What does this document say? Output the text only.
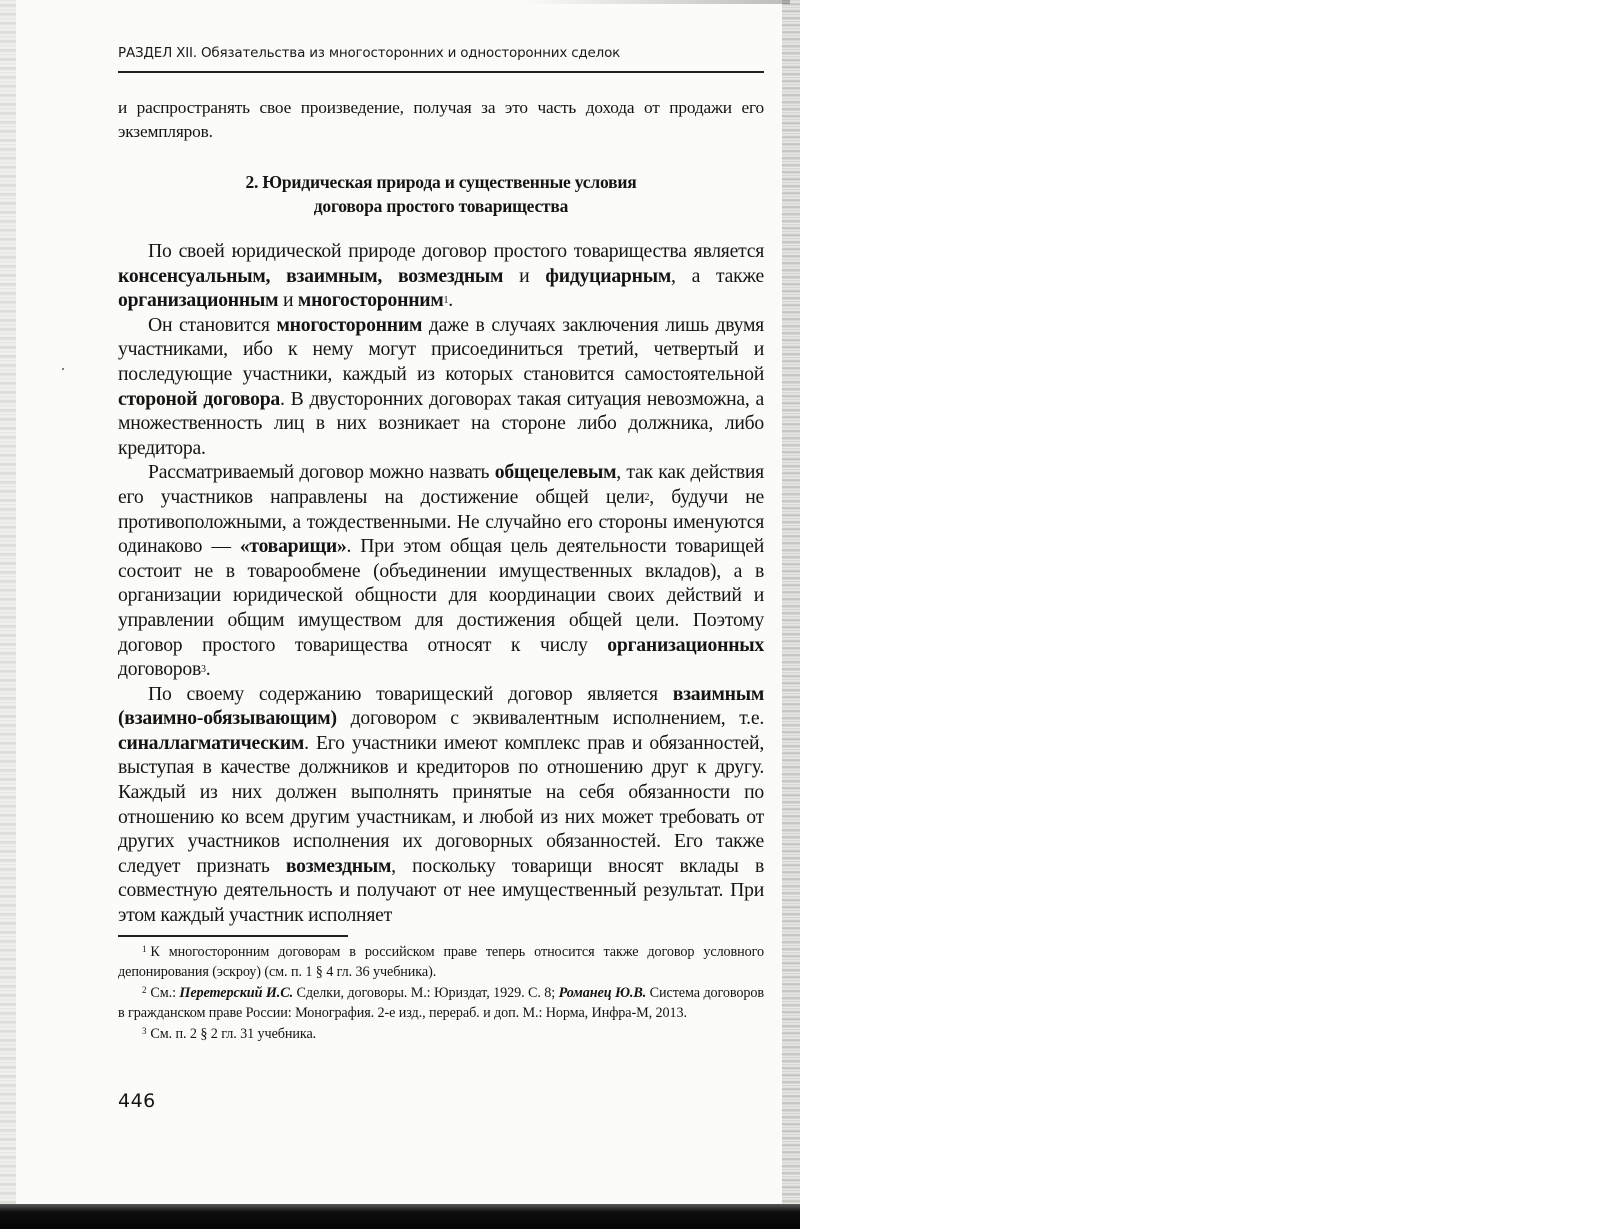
РАЗДЕЛ XII. Обязательства из многосторонних и односторонних сделок

и распространять свое произведение, получая за это часть дохода от продажи его экземпляров.

2. Юридическая природа и существенные условия
договора простого товарищества

По своей юридической природе договор простого товарищества является консенсуальным, взаимным, возмездным и фидуциарным, а также организационным и многосторонним$^1$.

Он становится многосторонним даже в случаях заключения лишь двумя участниками, ибо к нему могут присоединиться третий, четвертый и последующие участники, каждый из которых становится самостоятельной стороной договора. В двусторонних договорах такая ситуация невозможна, а множественность лиц в них возникает на стороне либо должника, либо кредитора.

Рассматриваемый договор можно назвать общецелевым, так как действия его участников направлены на достижение общей цели$^2$, будучи не противоположными, а тождественными. Не случайно его стороны именуются одинаково — «товарищи». При этом общая цель деятельности товарищей состоит не в товарообмене (объединении имущественных вкладов), а в организации юридической общности для координации своих действий и управлении общим имуществом для достижения общей цели. Поэтому договор простого товарищества относят к числу организационных договоров$^3$.

По своему содержанию товарищеский договор является взаимным (взаимно-обязывающим) договором с эквивалентным исполнением, т.е. синаллагматическим. Его участники имеют комплекс прав и обязанностей, выступая в качестве должников и кредиторов по отношению друг к другу. Каждый из них должен выполнять принятые на себя обязанности по отношению ко всем другим участникам, и любой из них может требовать от других участников исполнения их договорных обязанностей. Его также следует признать возмездным, поскольку товарищи вносят вклады в совместную деятельность и получают от нее имущественный результат. При этом каждый участник исполняет

$^1$ К многосторонним договорам в российском праве теперь относится также договор условного депонирования (эскроу) (см. п. 1 § 4 гл. 36 учебника).

$^2$ См.: Перетерский И.С. Сделки, договоры. М.: Юриздат, 1929. С. 8; Романец Ю.В. Система договоров в гражданском праве России: Монография. 2-е изд., перераб. и доп. М.: Норма, Инфра-М, 2013.

$^3$ См. п. 2 § 2 гл. 31 учебника.

446
